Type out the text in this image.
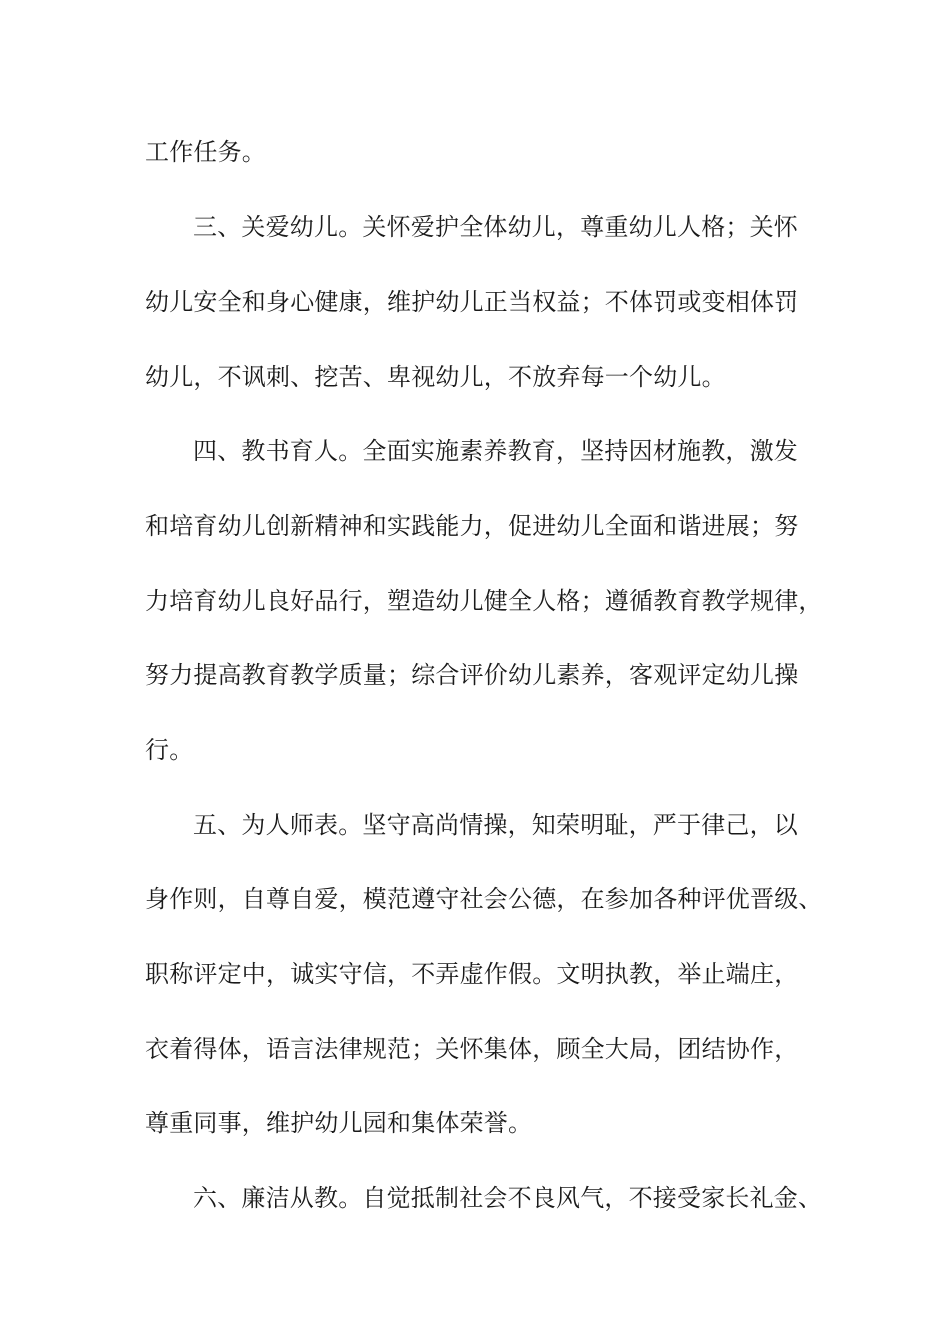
工作任务。
三、关爱幼儿。关怀爱护全体幼儿，尊重幼儿人格；关怀
幼儿安全和身心健康，维护幼儿正当权益；不体罚或变相体罚
幼儿，不讽刺、挖苦、卑视幼儿，不放弃每一个幼儿。
四、教书育人。全面实施素养教育，坚持因材施教，激发
和培育幼儿创新精神和实践能力，促进幼儿全面和谐进展；努
力培育幼儿良好品行，塑造幼儿健全人格；遵循教育教学规律，
努力提高教育教学质量；综合评价幼儿素养，客观评定幼儿操
行。
五、为人师表。坚守高尚情操，知荣明耻，严于律己，以
身作则，自尊自爱，模范遵守社会公德，在参加各种评优晋级、
职称评定中，诚实守信，不弄虚作假。文明执教，举止端庄，
衣着得体，语言法律规范；关怀集体，顾全大局，团结协作，
尊重同事，维护幼儿园和集体荣誉。
六、廉洁从教。自觉抵制社会不良风气，不接受家长礼金、
